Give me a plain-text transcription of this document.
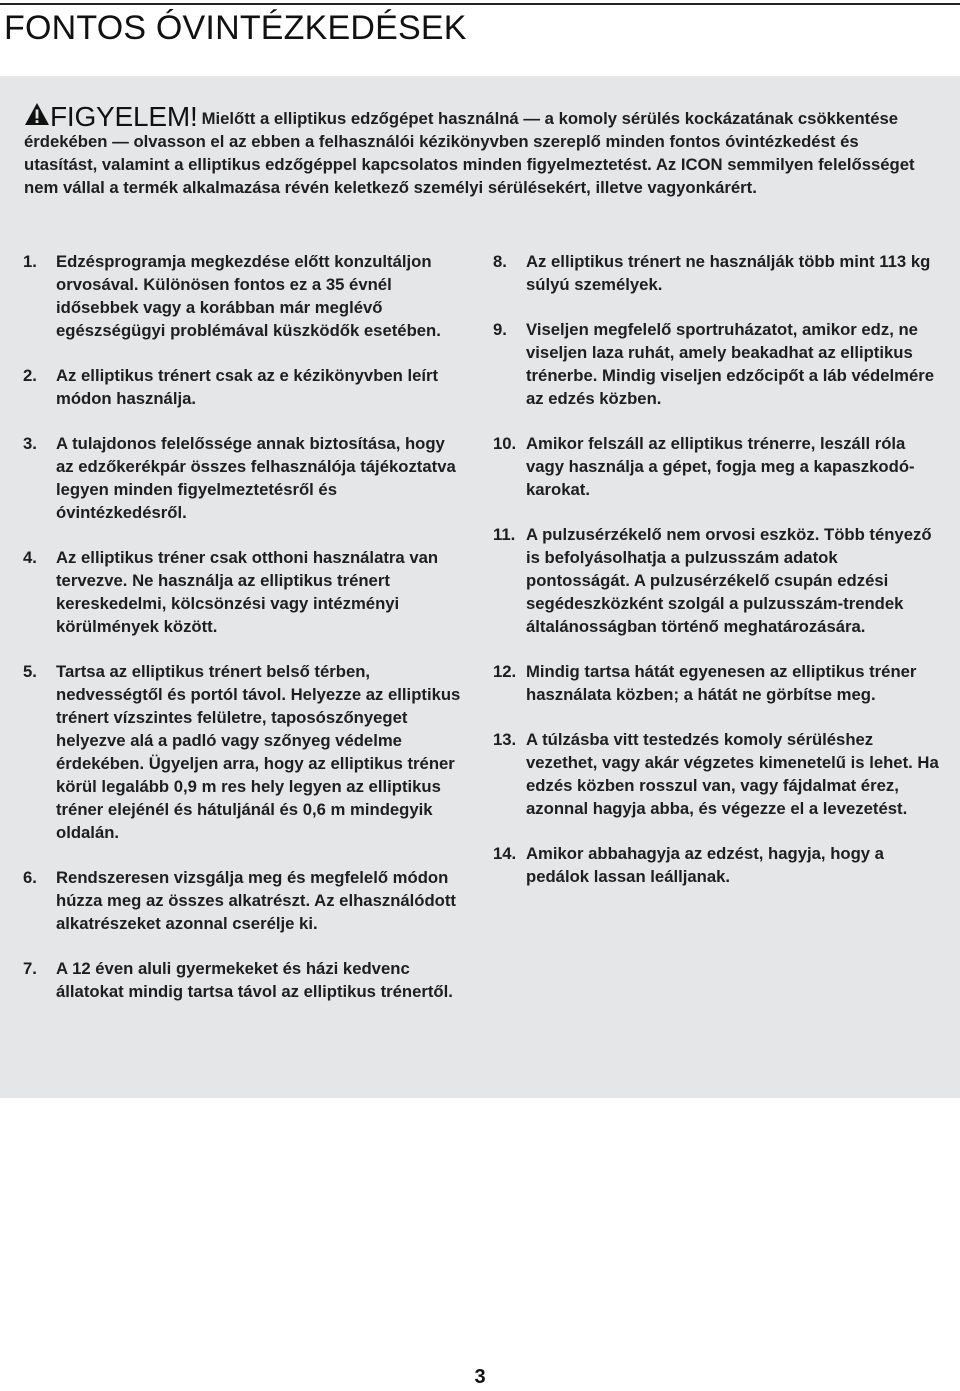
FONTOS ÓVINTÉZKEDÉSEK

FIGYELEM! Mielőtt a elliptikus edzőgépet használná — a komoly sérülés kockázatának csökkentése érdekében — olvasson el az ebben a felhasználói kézikönyvben szereplő minden fontos óvintézkedést és utasítást, valamint a elliptikus edzőgéppel kapcsolatos minden figyelmeztetést. Az ICON semmilyen felelősséget nem vállal a termék alkalmazása révén keletkező személyi sérülésekért, illetve vagyonkárért.

1. Edzésprogramja megkezdése előtt konzultáljon orvosával. Különösen fontos ez a 35 évnél idősebbek vagy a korábban már meglévő egészségügyi problémával küszködők esetében.
2. Az elliptikus trénert csak az e kézikönyvben leírt módon használja.
3. A tulajdonos felelőssége annak biztosítása, hogy az edzőkerékpár összes felhasználója tájékoztatva legyen minden figyelmeztetésről és óvintézkedésről.
4. Az elliptikus tréner csak otthoni használatra van tervezve. Ne használja az elliptikus trénert kereskedelmi, kölcsönzési vagy intézményi körülmények között.
5. Tartsa az elliptikus trénert belső térben, nedvességtől és portól távol. Helyezze az elliptikus trénert vízszintes felületre, taposószőnyeget helyezve alá a padló vagy szőnyeg védelme érdekében. Ügyeljen arra, hogy az elliptikus tréner körül legalább 0,9 m res hely legyen az elliptikus tréner elejénél és hátuljánál és 0,6 m mindegyik oldalán.
6. Rendszeresen vizsgálja meg és megfelelő módon húzza meg az összes alkatrészt. Az elhasználódott alkatrészeket azonnal cserélje ki.
7. A 12 éven aluli gyermekeket és házi kedvenc állatokat mindig tartsa távol az elliptikus trénertől.
8. Az elliptikus trénert ne használják több mint 113 kg súlyú személyek.
9. Viseljen megfelelő sportruházatot, amikor edz, ne viseljen laza ruhát, amely beakadhat az elliptikus trénerbe. Mindig viseljen edzőcipőt a láb védelmére az edzés közben.
10. Amikor felszáll az elliptikus trénerre, leszáll róla vagy használja a gépet, fogja meg a kapaszkodó-karokat.
11. A pulzusérzékelő nem orvosi eszköz. Több tényező is befolyásolhatja a pulzusszám adatok pontosságát. A pulzusérzékelő csupán edzési segédeszközként szolgál a pulzusszám-trendek általánosságban történő meghatározására.
12. Mindig tartsa hátát egyenesen az elliptikus tréner használata közben; a hátát ne görbítse meg.
13. A túlzásba vitt testedzés komoly sérüléshez vezethet, vagy akár végzetes kimenetelű is lehet. Ha edzés közben rosszul van, vagy fájdalmat érez, azonnal hagyja abba, és végezze el a levezetést.
14. Amikor abbahagyja az edzést, hagyja, hogy a pedálok lassan leálljanak.
3
